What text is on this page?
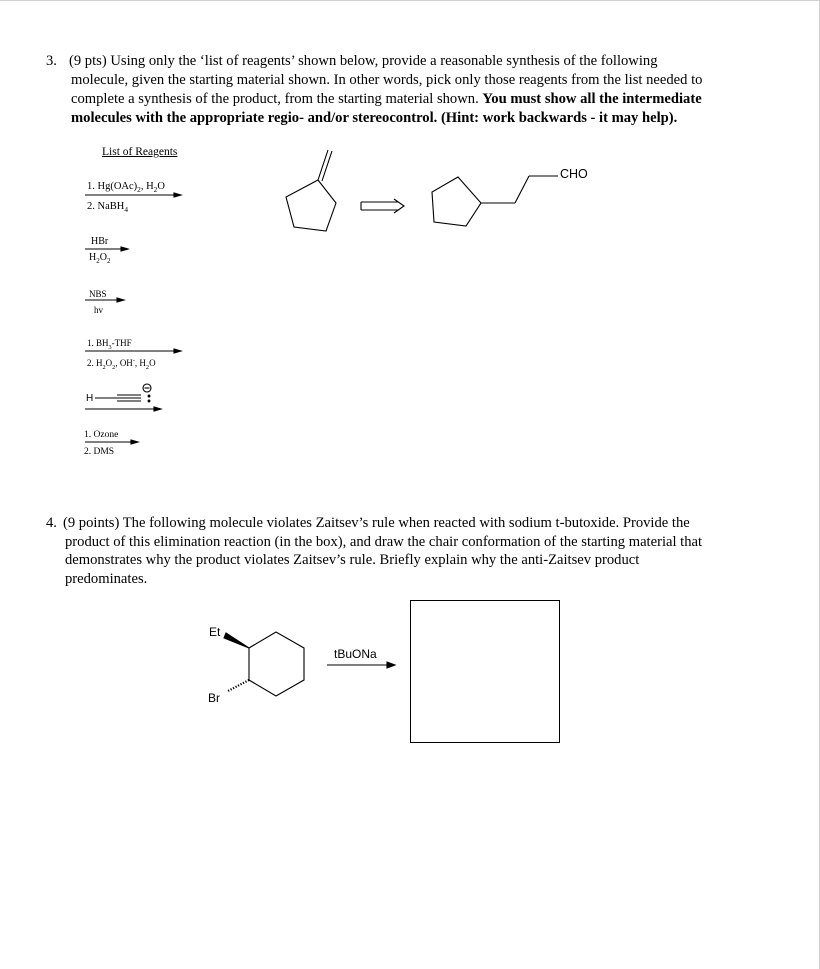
3. (9 pts) Using only the ‘list of reagents’ shown below, provide a reasonable synthesis of the following
molecule, given the starting material shown. In other words, pick only those reagents from the list needed to
complete a synthesis of the product, from the starting material shown. You must show all the intermediate
molecules with the appropriate regio- and/or stereocontrol. (Hint: work backwards - it may help).
List of Reagents
1. $Hg(OAc)_2$, $H_2O$
2. NaBH$_4$
HBr
$H_2O_2$
NBS
hv
1. $BH_3$-THF
2. $H_2O_2$, OH-, $H_2O$
H
1. Ozone
2. DMS
CHO
4. (9 points) The following molecule violates Zaitsev’s rule when reacted with sodium t-butoxide. Provide the
product of this elimination reaction (in the box), and draw the chair conformation of the starting material that
demonstrates why the product violates Zaitsev’s rule. Briefly explain why the anti-Zaitsev product
predominates.
Et
Br
tBuONa
